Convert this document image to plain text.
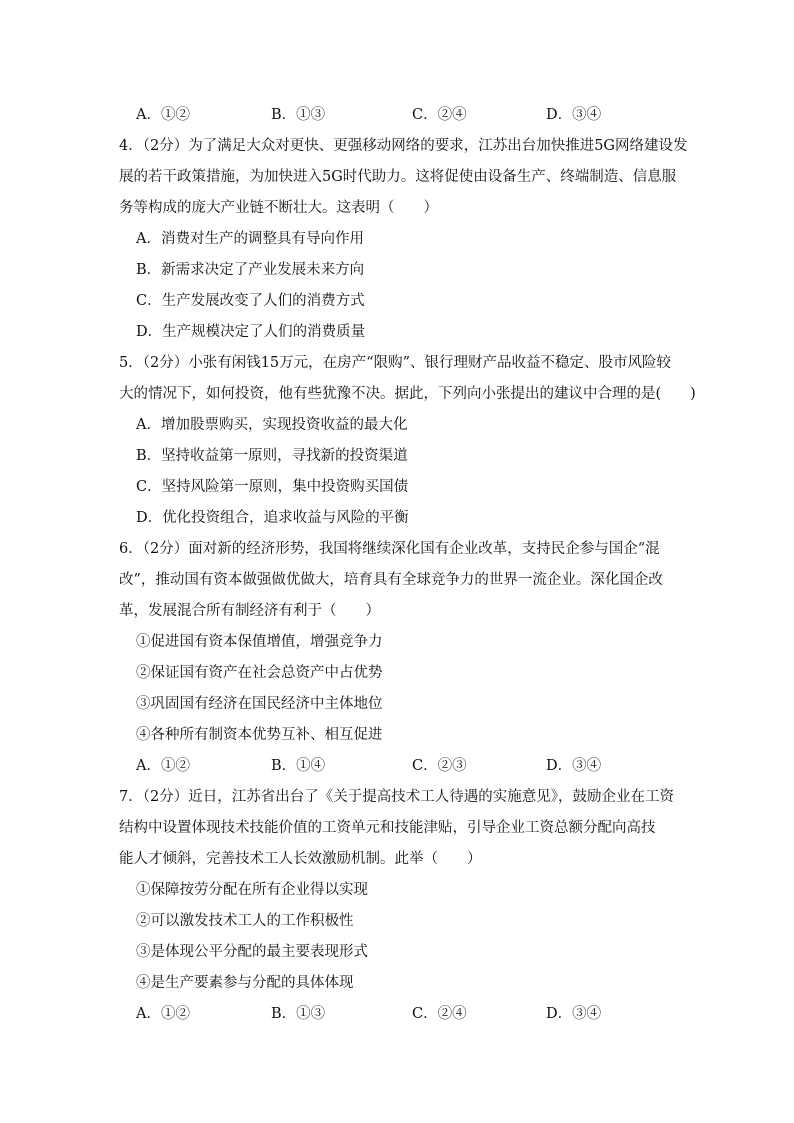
A．①②	B．①③	C．②④	D．③④
4．（2分）为了满足大众对更快、更强移动网络的要求，江苏出台加快推进5G网络建设发
展的若干政策措施，为加快进入5G时代助力。这将促使由设备生产、终端制造、信息服
务等构成的庞大产业链不断壮大。这表明（　　）
A．消费对生产的调整具有导向作用
B．新需求决定了产业发展未来方向
C．生产发展改变了人们的消费方式
D．生产规模决定了人们的消费质量
5．（2分）小张有闲钱15万元，在房产“限购”、银行理财产品收益不稳定、股市风险较
大的情况下，如何投资，他有些犹豫不决。据此，下列向小张提出的建议中合理的是(　　)
A．增加股票购买，实现投资收益的最大化
B．坚持收益第一原则，寻找新的投资渠道
C．坚持风险第一原则，集中投资购买国债
D．优化投资组合，追求收益与风险的平衡
6．（2分）面对新的经济形势，我国将继续深化国有企业改革，支持民企参与国企“混
改”，推动国有资本做强做优做大，培育具有全球竞争力的世界一流企业。深化国企改
革，发展混合所有制经济有利于（　　）
①促进国有资本保值增值，增强竞争力
②保证国有资产在社会总资产中占优势
③巩固国有经济在国民经济中主体地位
④各种所有制资本优势互补、相互促进
A．①②	B．①④	C．②③	D．③④
7．（2分）近日，江苏省出台了《关于提高技术工人待遇的实施意见》，鼓励企业在工资
结构中设置体现技术技能价值的工资单元和技能津贴，引导企业工资总额分配向高技
能人才倾斜，完善技术工人长效激励机制。此举（　　）
①保障按劳分配在所有企业得以实现
②可以激发技术工人的工作积极性
③是体现公平分配的最主要表现形式
④是生产要素参与分配的具体体现
A．①②	B．①③	C．②④	D．③④
